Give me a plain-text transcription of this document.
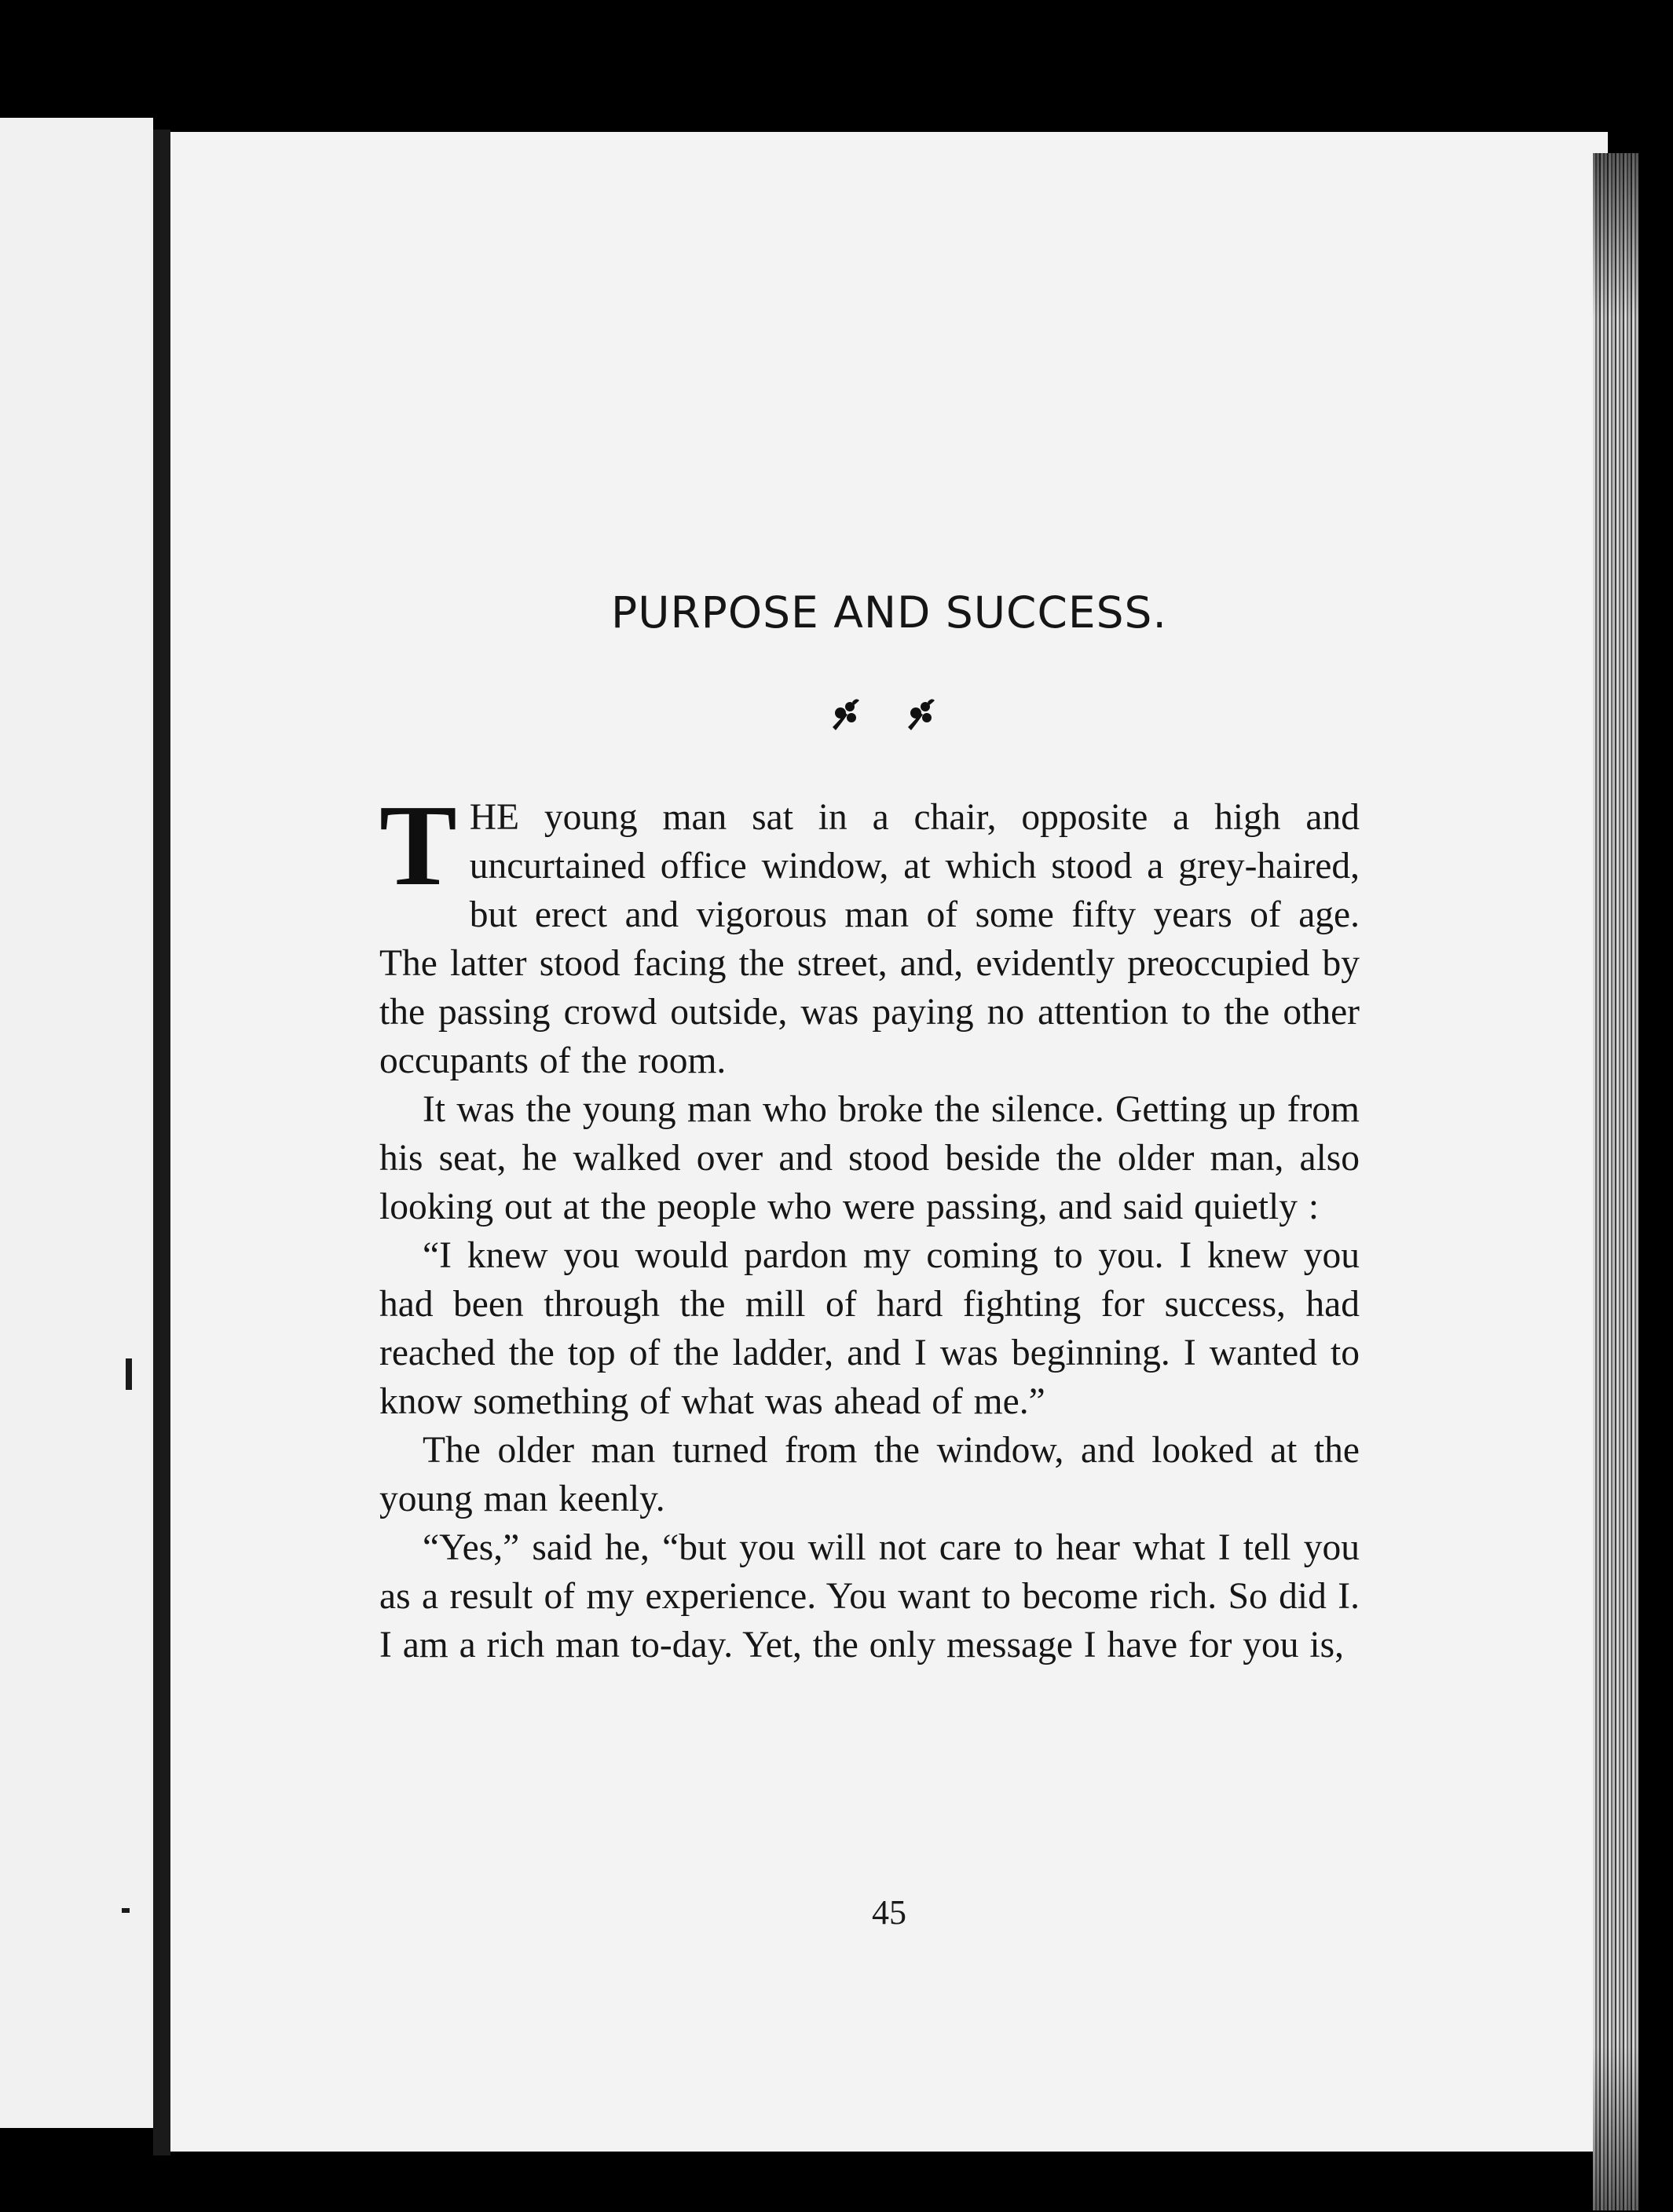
PURPOSE AND SUCCESS.

THE young man sat in a chair, opposite a high and uncurtained office window, at which stood a grey-haired, but erect and vigorous man of some fifty years of age. The latter stood facing the street, and, evidently preoccupied by the passing crowd outside, was paying no attention to the other occupants of the room.

It was the young man who broke the silence. Getting up from his seat, he walked over and stood beside the older man, also looking out at the people who were passing, and said quietly :

“I knew you would pardon my coming to you. I knew you had been through the mill of hard fighting for success, had reached the top of the ladder, and I was beginning. I wanted to know something of what was ahead of me.”

The older man turned from the window, and looked at the young man keenly.

“Yes,” said he, “but you will not care to hear what I tell you as a result of my experience. You want to become rich. So did I. I am a rich man to-day. Yet, the only message I have for you is,

45
